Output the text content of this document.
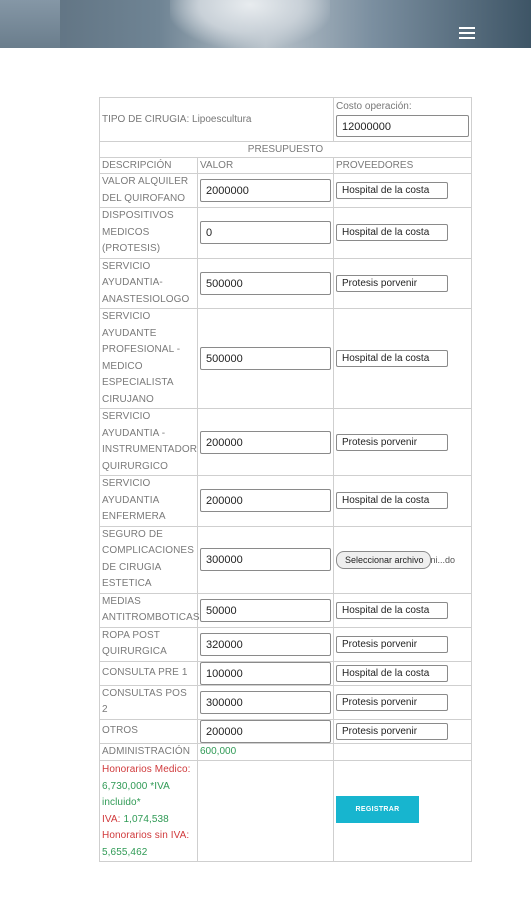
TIPO DE CIRUGIA: Lipoescultura		Costo operación:
12000000

PRESUPUESTO		
DESCRIPCIÓN	VALOR	PROVEEDORES
VALOR ALQUILER DEL QUIROFANO	2000000	Hospital de la costa
DISPOSITIVOS MEDICOS (PROTESIS)	0	Hospital de la costa
SERVICIO AYUDANTIA-ANASTESIOLOGO	500000	Protesis porvenir
SERVICIO AYUDANTE PROFESIONAL - MEDICO ESPECIALISTA CIRUJANO	500000	Hospital de la costa
SERVICIO AYUDANTIA - INSTRUMENTADOR QUIRURGICO	200000	Protesis porvenir
SERVICIO AYUDANTIA ENFERMERA	200000	Hospital de la costa
SEGURO DE COMPLICACIONES DE CIRUGIA ESTETICA	300000	Seleccionar archivo ni...do
MEDIAS ANTITROMBOTICAS	50000	Hospital de la costa
ROPA POST QUIRURGICA	320000	Protesis porvenir
CONSULTA PRE 1	100000	Hospital de la costa
CONSULTAS POS 2	300000	Protesis porvenir
OTROS	200000	Protesis porvenir
ADMINISTRACIÓN	600,000	
Honorarios Medico: 6,730,000 *IVA incluido*
IVA: 1,074,538
Honorarios sin IVA: 5,655,462		REGISTRAR
